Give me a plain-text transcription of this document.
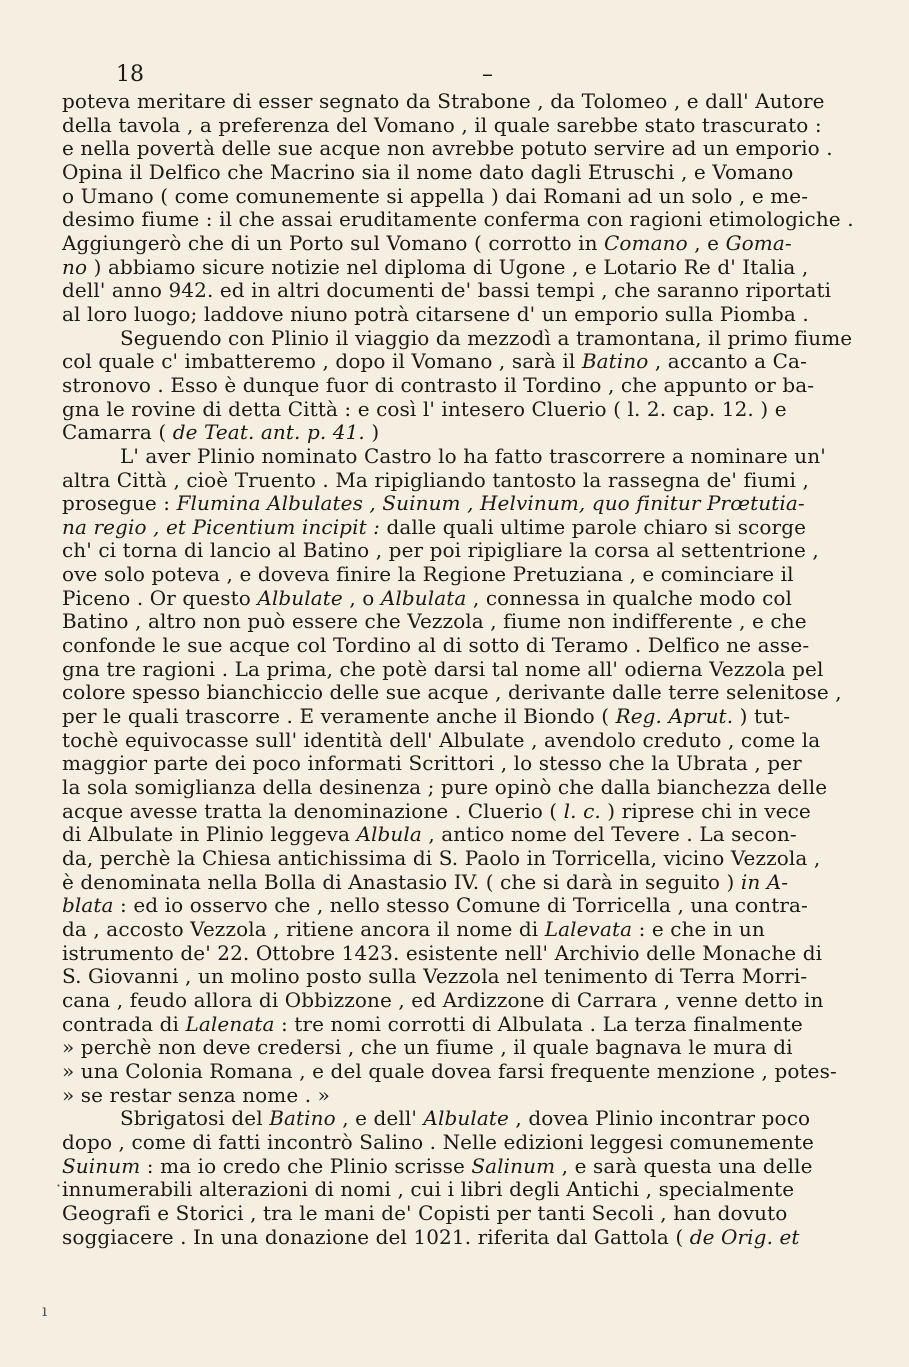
18	–
poteva meritare di esser segnato da Strabone , da Tolomeo , e dall' Autore
della tavola , a preferenza del Vomano , il quale sarebbe stato trascurato :
e nella povertà delle sue acque non avrebbe potuto servire ad un emporio .
Opina il Delfico che Macrino sia il nome dato dagli Etruschi , e Vomano
o Umano ( come comunemente si appella ) dai Romani ad un solo , e me-
desimo fiume : il che assai eruditamente conferma con ragioni etimologiche .
Aggiungerò che di un Porto sul Vomano ( corrotto in Comano , e Goma-
no ) abbiamo sicure notizie nel diploma di Ugone , e Lotario Re d' Italia ,
dell' anno 942. ed in altri documenti de' bassi tempi , che saranno riportati
al loro luogo; laddove niuno potrà citarsene d' un emporio sulla Piomba .
Seguendo con Plinio il viaggio da mezzodì a tramontana, il primo fiume
col quale c' imbatteremo , dopo il Vomano , sarà il Batino , accanto a Ca-
stronovo . Esso è dunque fuor di contrasto il Tordino , che appunto or ba-
gna le rovine di detta Città : e così l' intesero Cluerio ( l. 2. cap. 12. ) e
Camarra ( de Teat. ant. p. 41. )
L' aver Plinio nominato Castro lo ha fatto trascorrere a nominare un'
altra Città , cioè Truento . Ma ripigliando tantosto la rassegna de' fiumi ,
prosegue : Flumina Albulates , Suinum , Helvinum, quo finitur Prœtutia-
na regio , et Picentium incipit : dalle quali ultime parole chiaro si scorge
ch' ci torna di lancio al Batino , per poi ripigliare la corsa al settentrione ,
ove solo poteva , e doveva finire la Regione Pretuziana , e cominciare il
Piceno . Or questo Albulate , o Albulata , connessa in qualche modo col
Batino , altro non può essere che Vezzola , fiume non indifferente , e che
confonde le sue acque col Tordino al di sotto di Teramo . Delfico ne asse-
gna tre ragioni . La prima, che potè darsi tal nome all' odierna Vezzola pel
colore spesso bianchiccio delle sue acque , derivante dalle terre selenitose ,
per le quali trascorre . E veramente anche il Biondo ( Reg. Aprut. ) tut-
tochè equivocasse sull' identità dell' Albulate , avendolo creduto , come la
maggior parte dei poco informati Scrittori , lo stesso che la Ubrata , per
la sola somiglianza della desinenza ; pure opinò che dalla bianchezza delle
acque avesse tratta la denominazione . Cluerio ( l. c. ) riprese chi in vece
di Albulate in Plinio leggeva Albula , antico nome del Tevere . La secon-
da, perchè la Chiesa antichissima di S. Paolo in Torricella, vicino Vezzola ,
è denominata nella Bolla di Anastasio IV. ( che si darà in seguito ) in A-
blata : ed io osservo che , nello stesso Comune di Torricella , una contra-
da , accosto Vezzola , ritiene ancora il nome di Lalevata : e che in un
istrumento de' 22. Ottobre 1423. esistente nell' Archivio delle Monache di
S. Giovanni , un molino posto sulla Vezzola nel tenimento di Terra Morri-
cana , feudo allora di Obbizzone , ed Ardizzone di Carrara , venne detto in
contrada di Lalenata : tre nomi corrotti di Albulata . La terza finalmente
» perchè non deve credersi , che un fiume , il quale bagnava le mura di
» una Colonia Romana , e del quale dovea farsi frequente menzione , potes-
» se restar senza nome . »
Sbrigatosi del Batino , e dell' Albulate , dovea Plinio incontrar poco
dopo , come di fatti incontrò Salino . Nelle edizioni leggesi comunemente
Suinum : ma io credo che Plinio scrisse Salinum , e sarà questa una delle
innumerabili alterazioni di nomi , cui i libri degli Antichi , specialmente
Geografi e Storici , tra le mani de' Copisti per tanti Secoli , han dovuto
soggiacere . In una donazione del 1021. riferita dal Gattola ( de Orig. et
·
ı
